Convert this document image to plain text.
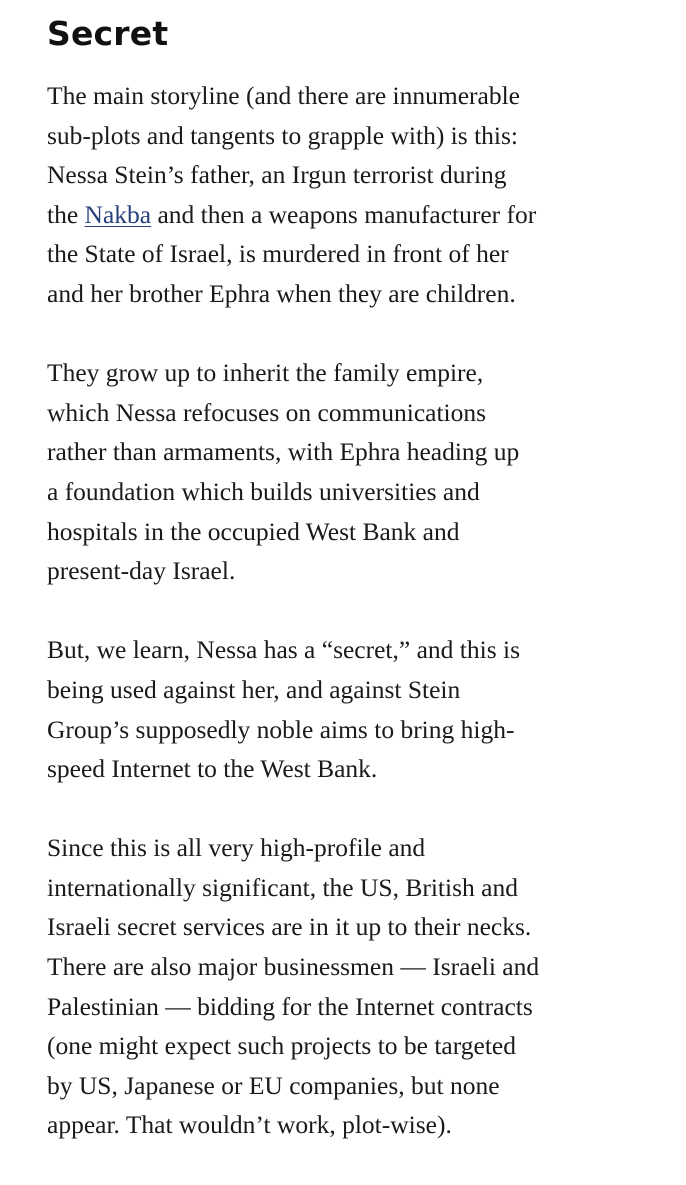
Secret

The main storyline (and there are innumerable
sub-plots and tangents to grapple with) is this:
Nessa Stein’s father, an Irgun terrorist during
the Nakba and then a weapons manufacturer for
the State of Israel, is murdered in front of her
and her brother Ephra when they are children.

They grow up to inherit the family empire,
which Nessa refocuses on communications
rather than armaments, with Ephra heading up
a foundation which builds universities and
hospitals in the occupied West Bank and
present-day Israel.

But, we learn, Nessa has a “secret,” and this is
being used against her, and against Stein
Group’s supposedly noble aims to bring high-
speed Internet to the West Bank.

Since this is all very high-profile and
internationally significant, the US, British and
Israeli secret services are in it up to their necks.
There are also major businessmen — Israeli and
Palestinian — bidding for the Internet contracts
(one might expect such projects to be targeted
by US, Japanese or EU companies, but none
appear. That wouldn’t work, plot-wise).
